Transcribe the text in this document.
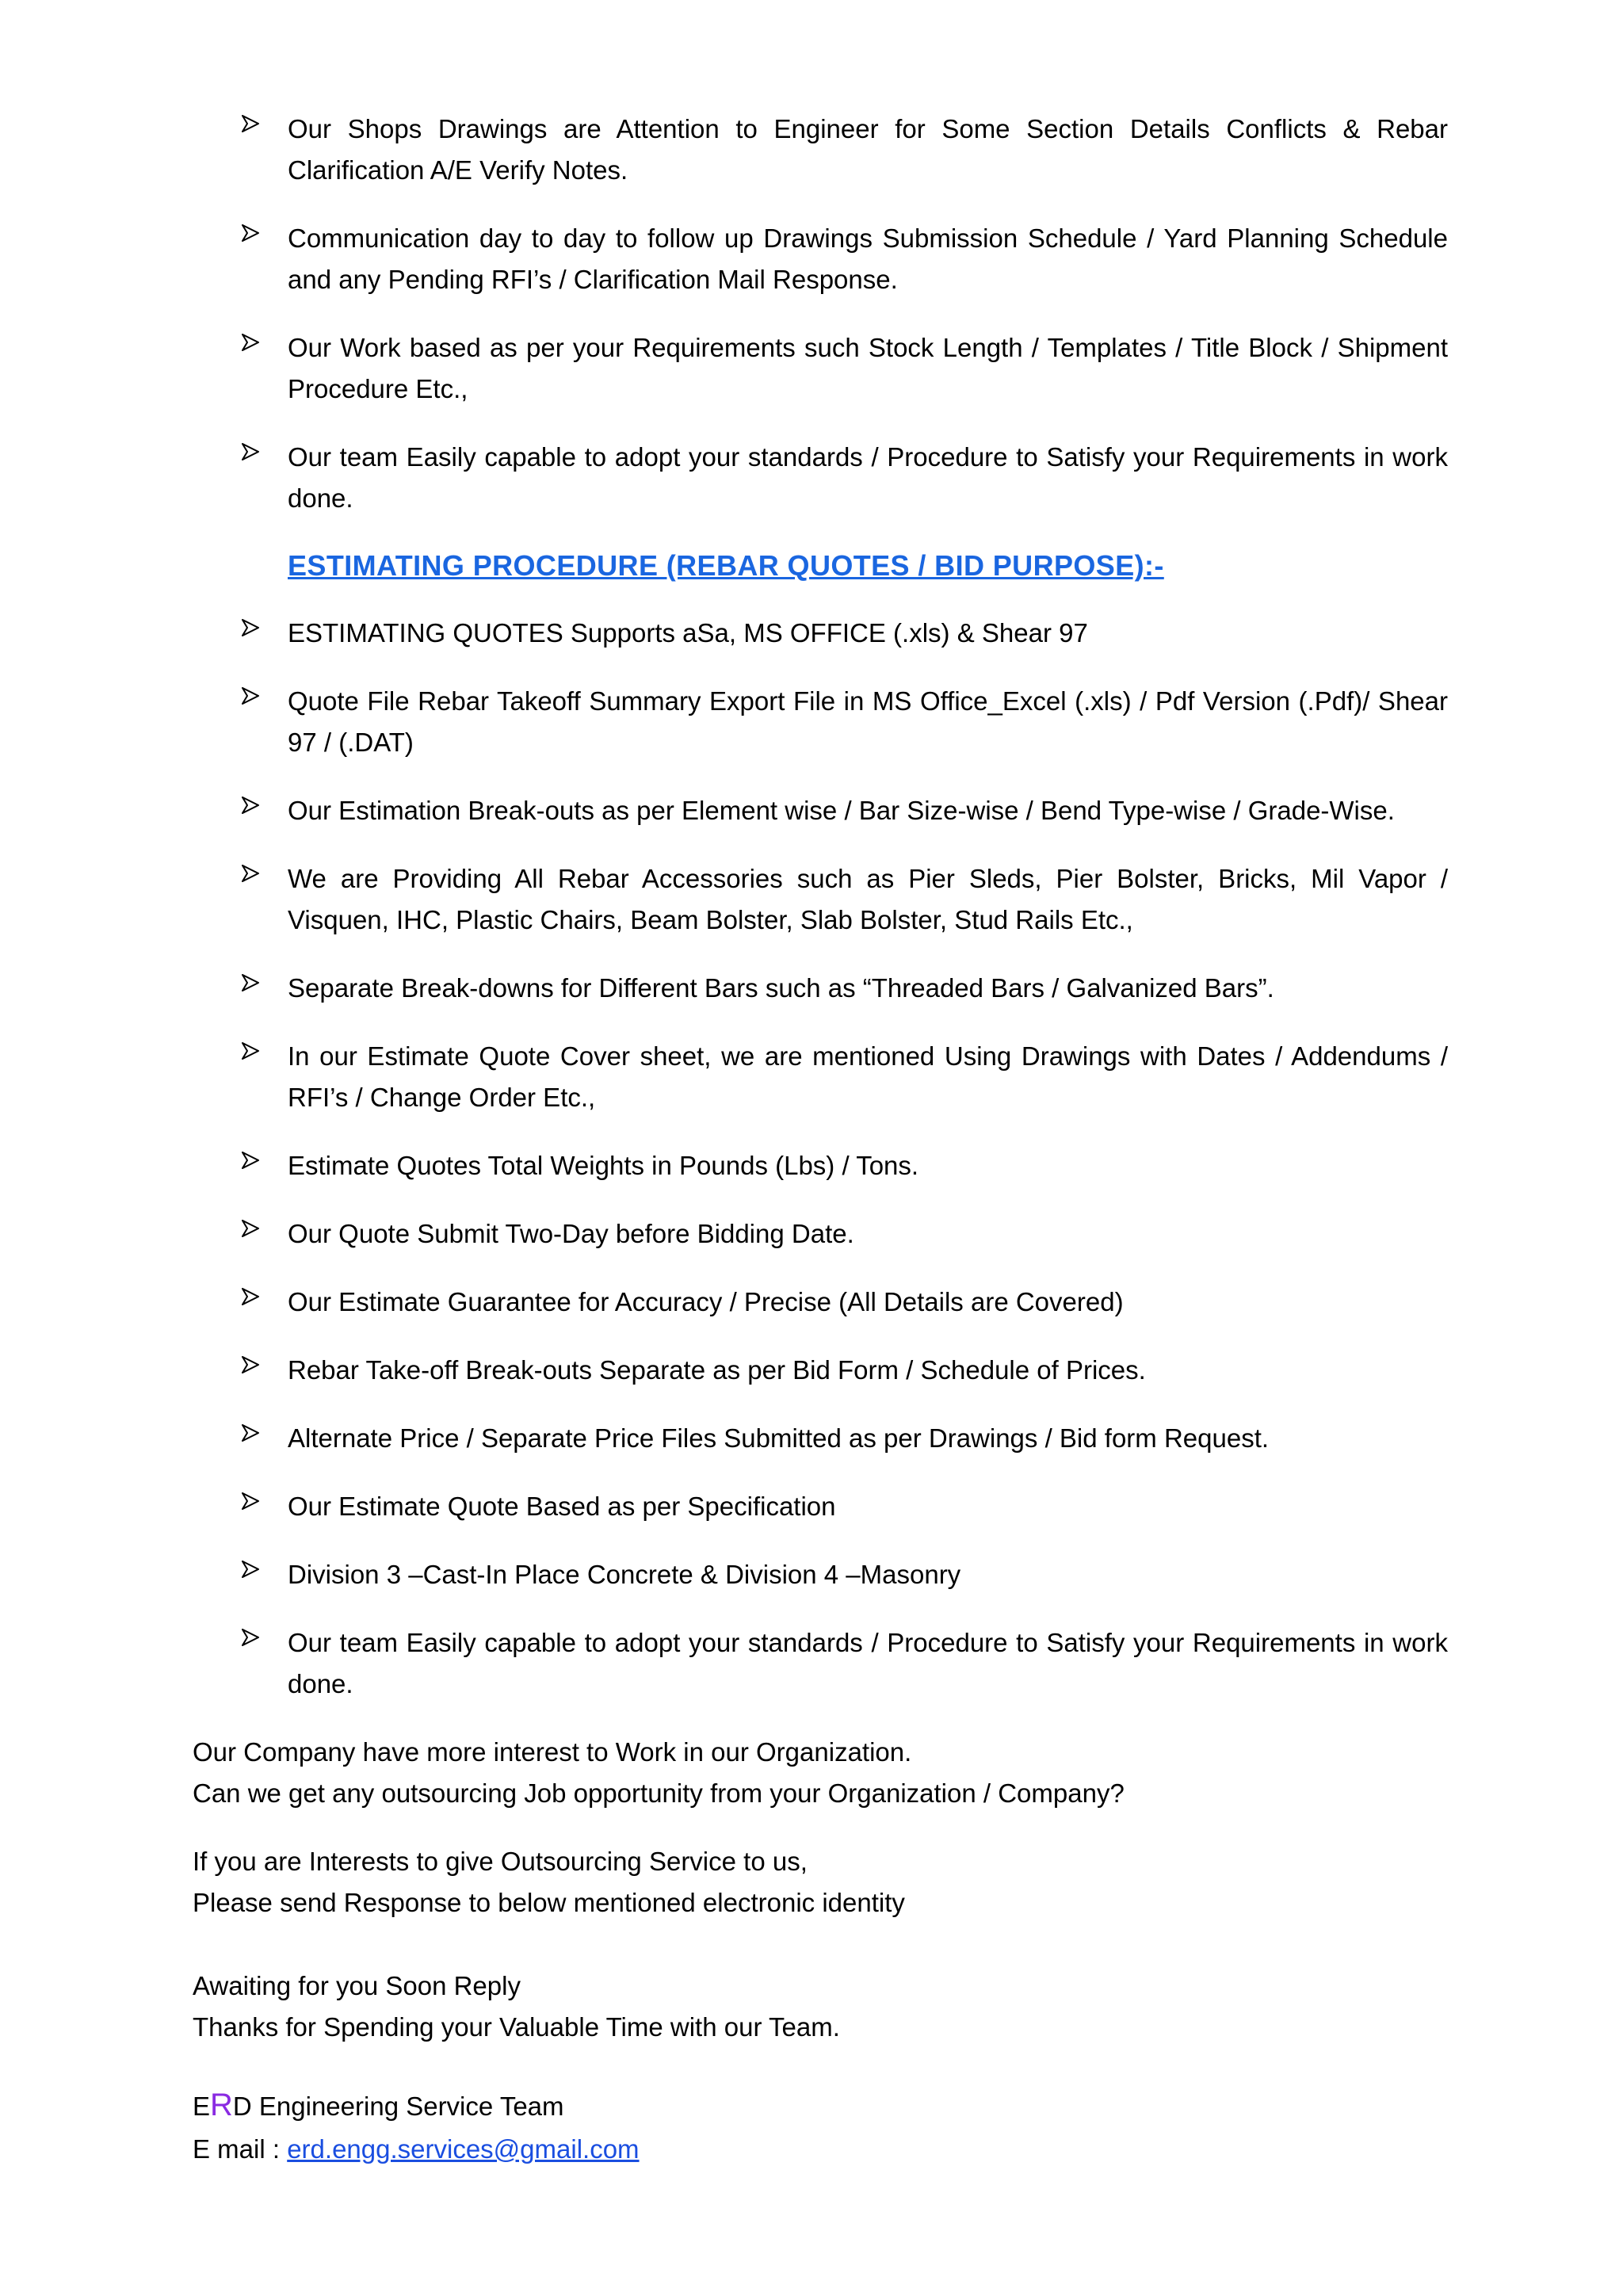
Our Shops Drawings are Attention to Engineer for Some Section Details Conflicts & Rebar Clarification A/E Verify Notes.
Communication day to day to follow up Drawings Submission Schedule / Yard Planning Schedule and any Pending RFI’s / Clarification Mail Response.
Our Work based as per your Requirements such Stock Length / Templates / Title Block / Shipment Procedure Etc.,
Our team Easily capable to adopt your standards / Procedure to Satisfy your Requirements in work done.
ESTIMATING PROCEDURE (REBAR QUOTES / BID PURPOSE):-
ESTIMATING QUOTES Supports aSa, MS OFFICE (.xls) & Shear 97
Quote File Rebar Takeoff Summary Export File in MS Office_Excel (.xls) / Pdf Version (.Pdf)/ Shear 97 / (.DAT)
Our Estimation Break-outs as per Element wise / Bar Size-wise / Bend Type-wise / Grade-Wise.
We are Providing All Rebar Accessories such as Pier Sleds, Pier Bolster, Bricks, Mil Vapor / Visquen, IHC, Plastic Chairs, Beam Bolster, Slab Bolster, Stud Rails Etc.,
Separate Break-downs for Different Bars such as “Threaded Bars / Galvanized Bars”.
In our Estimate Quote Cover sheet, we are mentioned Using Drawings with Dates / Addendums / RFI’s / Change Order Etc.,
Estimate Quotes Total Weights in Pounds (Lbs) / Tons.
Our Quote Submit Two-Day before Bidding Date.
Our Estimate Guarantee for Accuracy / Precise (All Details are Covered)
Rebar Take-off Break-outs Separate as per Bid Form / Schedule of Prices.
Alternate Price / Separate Price Files Submitted as per Drawings / Bid form Request.
Our Estimate Quote Based as per Specification
Division 3 –Cast-In Place Concrete & Division 4 –Masonry
Our team Easily capable to adopt your standards / Procedure to Satisfy your Requirements in work done.
Our Company have more interest to Work in our Organization.
Can we get any outsourcing Job opportunity from your Organization / Company?
If you are Interests to give Outsourcing Service to us,
Please send Response to below mentioned electronic identity
Awaiting for you Soon Reply
Thanks for Spending your Valuable Time with our Team.
ERD Engineering Service Team
E mail : erd.engg.services@gmail.com
